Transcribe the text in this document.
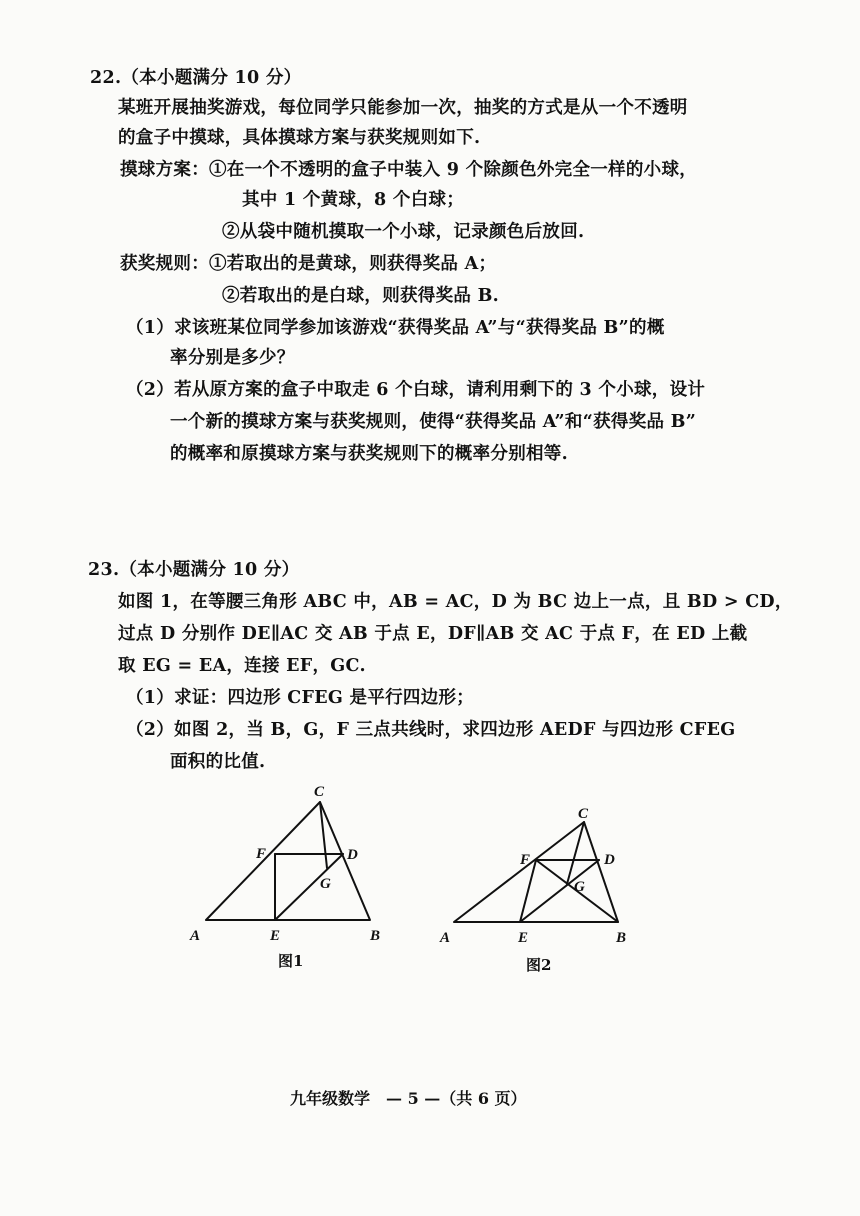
22.（本小题满分 10 分）
某班开展抽奖游戏，每位同学只能参加一次，抽奖的方式是从一个不透明
的盒子中摸球，具体摸球方案与获奖规则如下.
摸球方案：①在一个不透明的盒子中装入 9 个除颜色外完全一样的小球，
其中 1 个黄球，8 个白球；
②从袋中随机摸取一个小球，记录颜色后放回.
获奖规则：①若取出的是黄球，则获得奖品 A；
②若取出的是白球，则获得奖品 B.
（1）求该班某位同学参加该游戏“获得奖品 A”与“获得奖品 B”的概
率分别是多少？
（2）若从原方案的盒子中取走 6 个白球，请利用剩下的 3 个小球，设计
一个新的摸球方案与获奖规则，使得“获得奖品 A”和“获得奖品 B”
的概率和原摸球方案与获奖规则下的概率分别相等.
23.（本小题满分 10 分）
如图 1，在等腰三角形 ABC 中，AB = AC，D 为 BC 边上一点，且 BD > CD，
过点 D 分别作 DE∥AC 交 AB 于点 E，DF∥AB 交 AC 于点 F，在 ED 上截
取 EG = EA，连接 EF，GC.
（1）求证：四边形 CFEG 是平行四边形；
（2）如图 2，当 B，G，F 三点共线时，求四边形 AEDF 与四边形 CFEG
面积的比值.
C
F	D
G
A	E	B
图1
C
F	D
G
A	E	B
图2
九年级数学　— 5 —（共 6 页）
